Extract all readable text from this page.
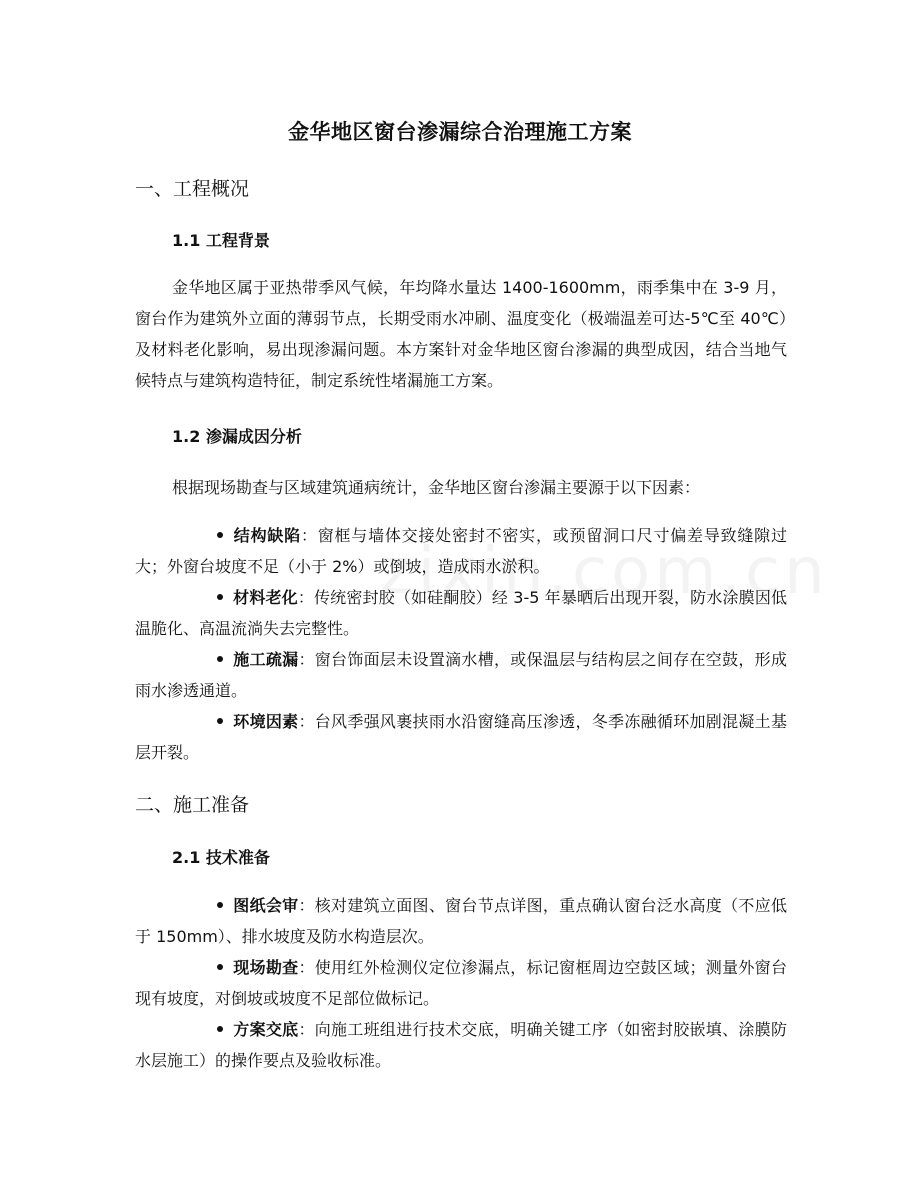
金华地区窗台渗漏综合治理施工方案
一、工程概况
1.1 工程背景

金华地区属于亚热带季风气候，年均降水量达 1400-1600mm，雨季集中在 3-9 月，窗台作为建筑外立面的薄弱节点，长期受雨水冲刷、温度变化（极端温差可达-5℃至 40℃）及材料老化影响，易出现渗漏问题。本方案针对金华地区窗台渗漏的典型成因，结合当地气候特点与建筑构造特征，制定系统性堵漏施工方案。

1.2 渗漏成因分析

根据现场勘查与区域建筑通病统计，金华地区窗台渗漏主要源于以下因素：

结构缺陷：窗框与墙体交接处密封不密实，或预留洞口尺寸偏差导致缝隙过大；外窗台坡度不足（小于 2%）或倒坡，造成雨水淤积。
材料老化：传统密封胶（如硅酮胶）经 3-5 年暴晒后出现开裂，防水涂膜因低温脆化、高温流淌失去完整性。
施工疏漏：窗台饰面层未设置滴水槽，或保温层与结构层之间存在空鼓，形成雨水渗透通道。
环境因素：台风季强风裹挟雨水沿窗缝高压渗透，冬季冻融循环加剧混凝土基层开裂。
二、施工准备
2.1 技术准备
图纸会审：核对建筑立面图、窗台节点详图，重点确认窗台泛水高度（不应低于 150mm）、排水坡度及防水构造层次。
现场勘查：使用红外检测仪定位渗漏点，标记窗框周边空鼓区域；测量外窗台现有坡度，对倒坡或坡度不足部位做标记。
方案交底：向施工班组进行技术交底，明确关键工序（如密封胶嵌填、涂膜防水层施工）的操作要点及验收标准。
